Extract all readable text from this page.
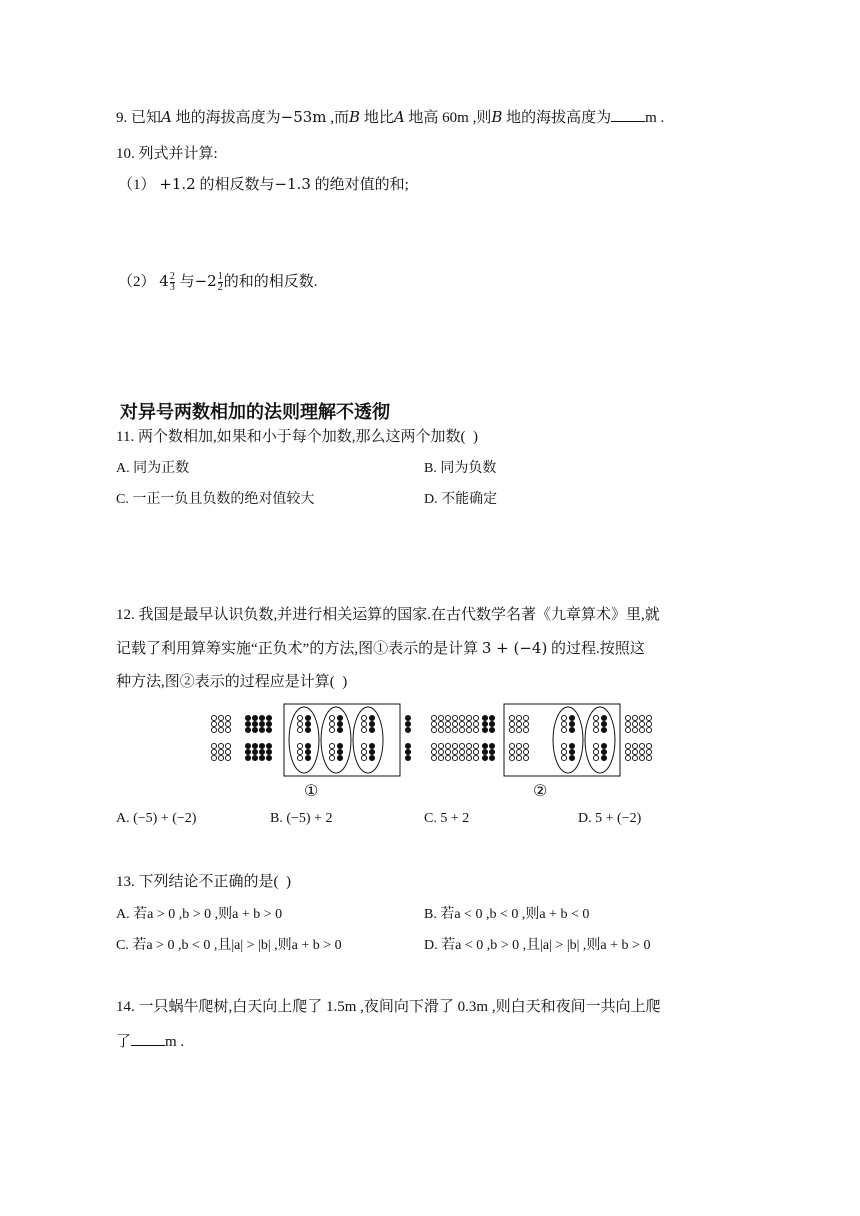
9. 已知A 地的海拔高度为−53m ,而B 地比A 地高 60m ,则B 地的海拔高度为 m .
10. 列式并计算:
（1） +1.2 的相反数与−1.3 的绝对值的和;
（2） $4 \frac{2}{3}$ 与$-2 \frac{1}{2}$ 的和的相反数.
对异号两数相加的法则理解不透彻
11. 两个数相加,如果和小于每个加数,那么这两个加数( )
A. 同为正数	B. 同为负数
C. 一正一负且负数的绝对值较大	D. 不能确定
12. 我国是最早认识负数,并进行相关运算的国家.在古代数学名著《九章算术》里,就
记载了利用算筹实施“正负术”的方法,图①表示的是计算 3 + (−4) 的过程.按照这
种方法,图②表示的过程应是计算( )
①	②
A. (−5) + (−2)	B. (−5) + 2	C. 5 + 2	D. 5 + (−2)
13. 下列结论不正确的是( )
A. 若a > 0 ,b > 0 ,则a + b > 0	B. 若a < 0 ,b < 0 ,则a + b < 0
C. 若a > 0 ,b < 0 ,且|a| > |b| ,则a + b > 0	D. 若a < 0 ,b > 0 ,且|a| > |b| ,则a + b > 0
14. 一只蜗牛爬树,白天向上爬了 1.5m ,夜间向下滑了 0.3m ,则白天和夜间一共向上爬
了 m .
